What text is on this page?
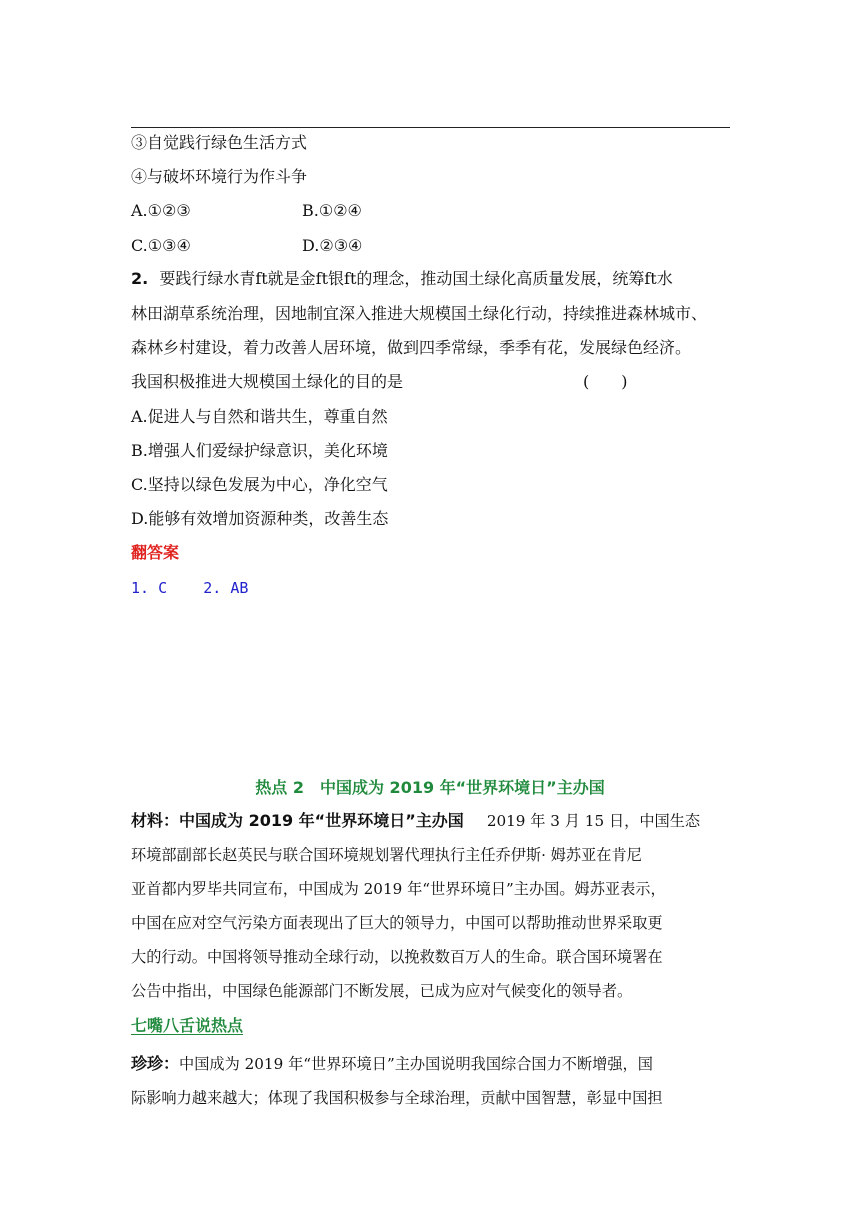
③自觉践行绿色生活方式
④与破坏环境行为作斗争
A.①②③	B.①②④
C.①③④	D.②③④
2. 要践行绿水青ft就是金ft银ft的理念，推动国土绿化高质量发展，统筹ft水
林田湖草系统治理，因地制宜深入推进大规模国土绿化行动，持续推进森林城市、
森林乡村建设，着力改善人居环境，做到四季常绿，季季有花，发展绿色经济。
我国积极推进大规模国土绿化的目的是	(　　)
A.促进人与自然和谐共生，尊重自然
B.增强人们爱绿护绿意识，美化环境
C.坚持以绿色发展为中心，净化空气
D.能够有效增加资源种类，改善生态
翻答案
1. C    2. AB
热点 2　中国成为 2019 年“世界环境日”主办国
材料：中国成为 2019 年“世界环境日”主办国 2019 年 3 月 15 日，中国生态
环境部副部长赵英民与联合国环境规划署代理执行主任乔伊斯· 姆苏亚在肯尼
亚首都内罗毕共同宣布，中国成为 2019 年“世界环境日”主办国。姆苏亚表示，
中国在应对空气污染方面表现出了巨大的领导力，中国可以帮助推动世界采取更
大的行动。中国将领导推动全球行动，以挽救数百万人的生命。联合国环境署在
公告中指出，中国绿色能源部门不断发展，已成为应对气候变化的领导者。
七嘴八舌说热点
珍珍：中国成为 2019 年“世界环境日”主办国说明我国综合国力不断增强，国
际影响力越来越大；体现了我国积极参与全球治理，贡献中国智慧，彰显中国担
